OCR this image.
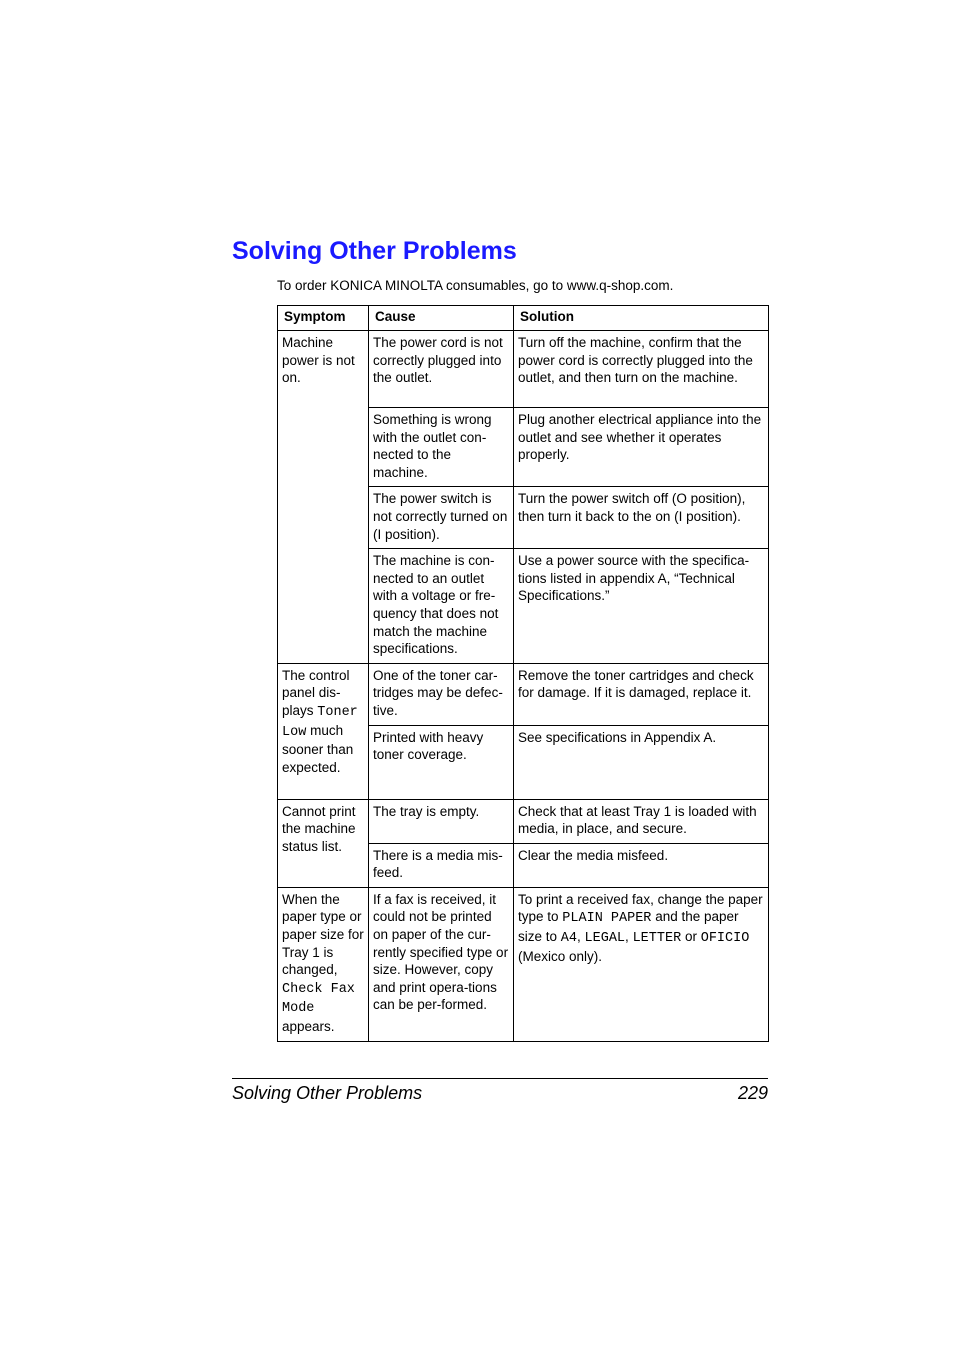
Solving Other Problems
To order KONICA MINOLTA consumables, go to www.q-shop.com.
Symptom	Cause	Solution
Machine power is not on.	The power cord is not correctly plugged into the outlet.	Turn off the machine, confirm that the power cord is correctly plugged into the outlet, and then turn on the machine.
	Something is wrong with the outlet con-nected to the machine.	Plug another electrical appliance into the outlet and see whether it operates properly.
	The power switch is not correctly turned on (I position).	Turn the power switch off (O position), then turn it back to the on (I position).
	The machine is con-nected to an outlet with a voltage or fre-quency that does not match the machine specifications.	Use a power source with the specifica-tions listed in appendix A, “Technical Specifications.”
The control panel dis-plays Toner Low much sooner than expected.	One of the toner car-tridges may be defec-tive.	Remove the toner cartridges and check for damage. If it is damaged, replace it.
	Printed with heavy toner coverage.	See specifications in Appendix A.
Cannot print the machine status list.	The tray is empty.	Check that at least Tray 1 is loaded with media, in place, and secure.
	There is a media mis-feed.	Clear the media misfeed.
When the paper type or paper size for Tray 1 is changed, Check Fax Mode appears.	If a fax is received, it could not be printed on paper of the cur-rently specified type or size. However, copy and print opera-tions can be per-formed.	To print a received fax, change the paper type to PLAIN PAPER and the paper size to A4, LEGAL, LETTER or OFICIO (Mexico only).
Solving Other Problems	229
